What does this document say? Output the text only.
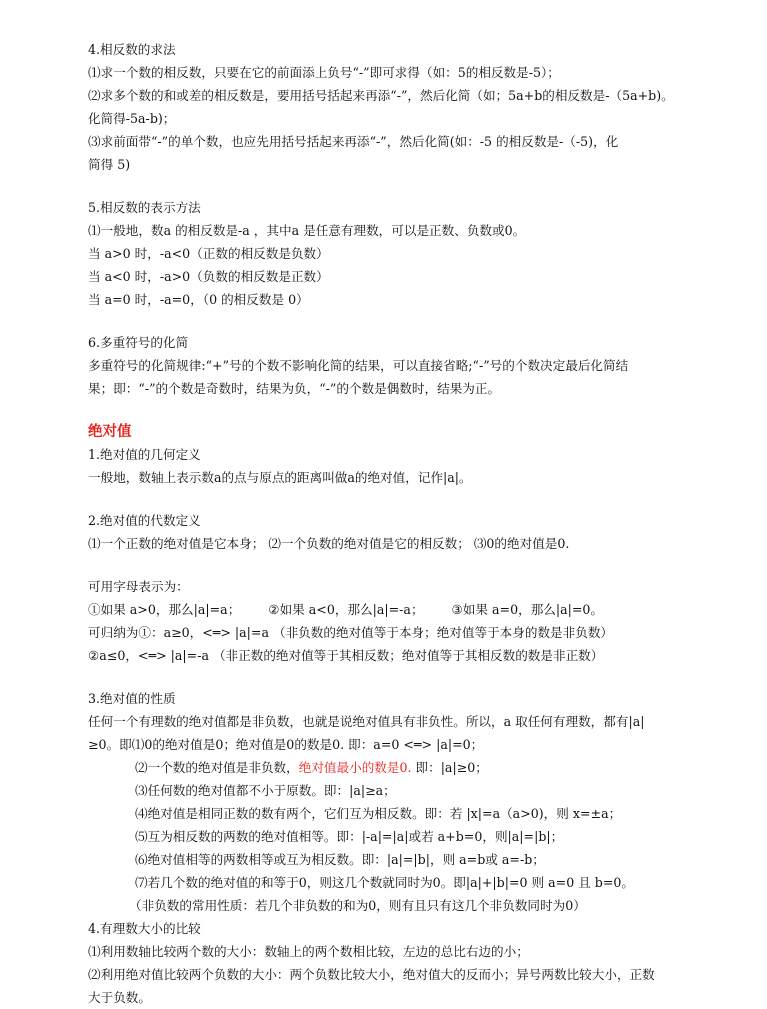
4.相反数的求法
⑴求一个数的相反数，只要在它的前面添上负号“-”即可求得（如：5的相反数是-5）；
⑵求多个数的和或差的相反数是，要用括号括起来再添“-”，然后化简（如；5a+b的相反数是-（5a+b)。
化简得-5a-b)；
⑶求前面带“-”的单个数，也应先用括号括起来再添“-”，然后化简(如：-5 的相反数是-（-5)，化
简得 5)
5.相反数的表示方法
⑴一般地，数a 的相反数是-a ，其中a 是任意有理数，可以是正数、负数或0。
当 a>0 时，-a<0（正数的相反数是负数）
当 a<0 时，-a>0（负数的相反数是正数）
当 a=0 时，-a=0，（0 的相反数是 0）
6.多重符号的化简
多重符号的化简规律:“+”号的个数不影响化简的结果，可以直接省略;“-”号的个数决定最后化简结
果；即：“-”的个数是奇数时，结果为负，“-”的个数是偶数时，结果为正。
绝对值
1.绝对值的几何定义
一般地，数轴上表示数a的点与原点的距离叫做a的绝对值，记作|a|。
2.绝对值的代数定义
⑴一个正数的绝对值是它本身； ⑵一个负数的绝对值是它的相反数； ⑶0的绝对值是0.
可用字母表示为：
①如果 a>0，那么|a|=a； ②如果 a<0，那么|a|=-a； ③如果 a=0，那么|a|=0。
可归纳为①：a≥0，<═> |a|=a （非负数的绝对值等于本身；绝对值等于本身的数是非负数）
②a≤0，<═> |a|=-a （非正数的绝对值等于其相反数；绝对值等于其相反数的数是非正数）
3.绝对值的性质
任何一个有理数的绝对值都是非负数，也就是说绝对值具有非负性。所以，a 取任何有理数，都有|a|
≥0。即⑴0的绝对值是0；绝对值是0的数是0. 即：a=0 <═> |a|=0；
⑵一个数的绝对值是非负数，绝对值最小的数是0. 即：|a|≥0；
⑶任何数的绝对值都不小于原数。即：|a|≥a；
⑷绝对值是相同正数的数有两个，它们互为相反数。即：若 |x|=a（a>0)，则 x=±a；
⑸互为相反数的两数的绝对值相等。即：|-a|=|a|或若 a+b=0，则|a|=|b|；
⑹绝对值相等的两数相等或互为相反数。即：|a|=|b|，则 a=b或 a=-b；
⑺若几个数的绝对值的和等于0，则这几个数就同时为0。即|a|+|b|=0 则 a=0 且 b=0。
（非负数的常用性质：若几个非负数的和为0，则有且只有这几个非负数同时为0）
4.有理数大小的比较
⑴利用数轴比较两个数的大小：数轴上的两个数相比较，左边的总比右边的小；
⑵利用绝对值比较两个负数的大小：两个负数比较大小，绝对值大的反而小；异号两数比较大小，正数
大于负数。
